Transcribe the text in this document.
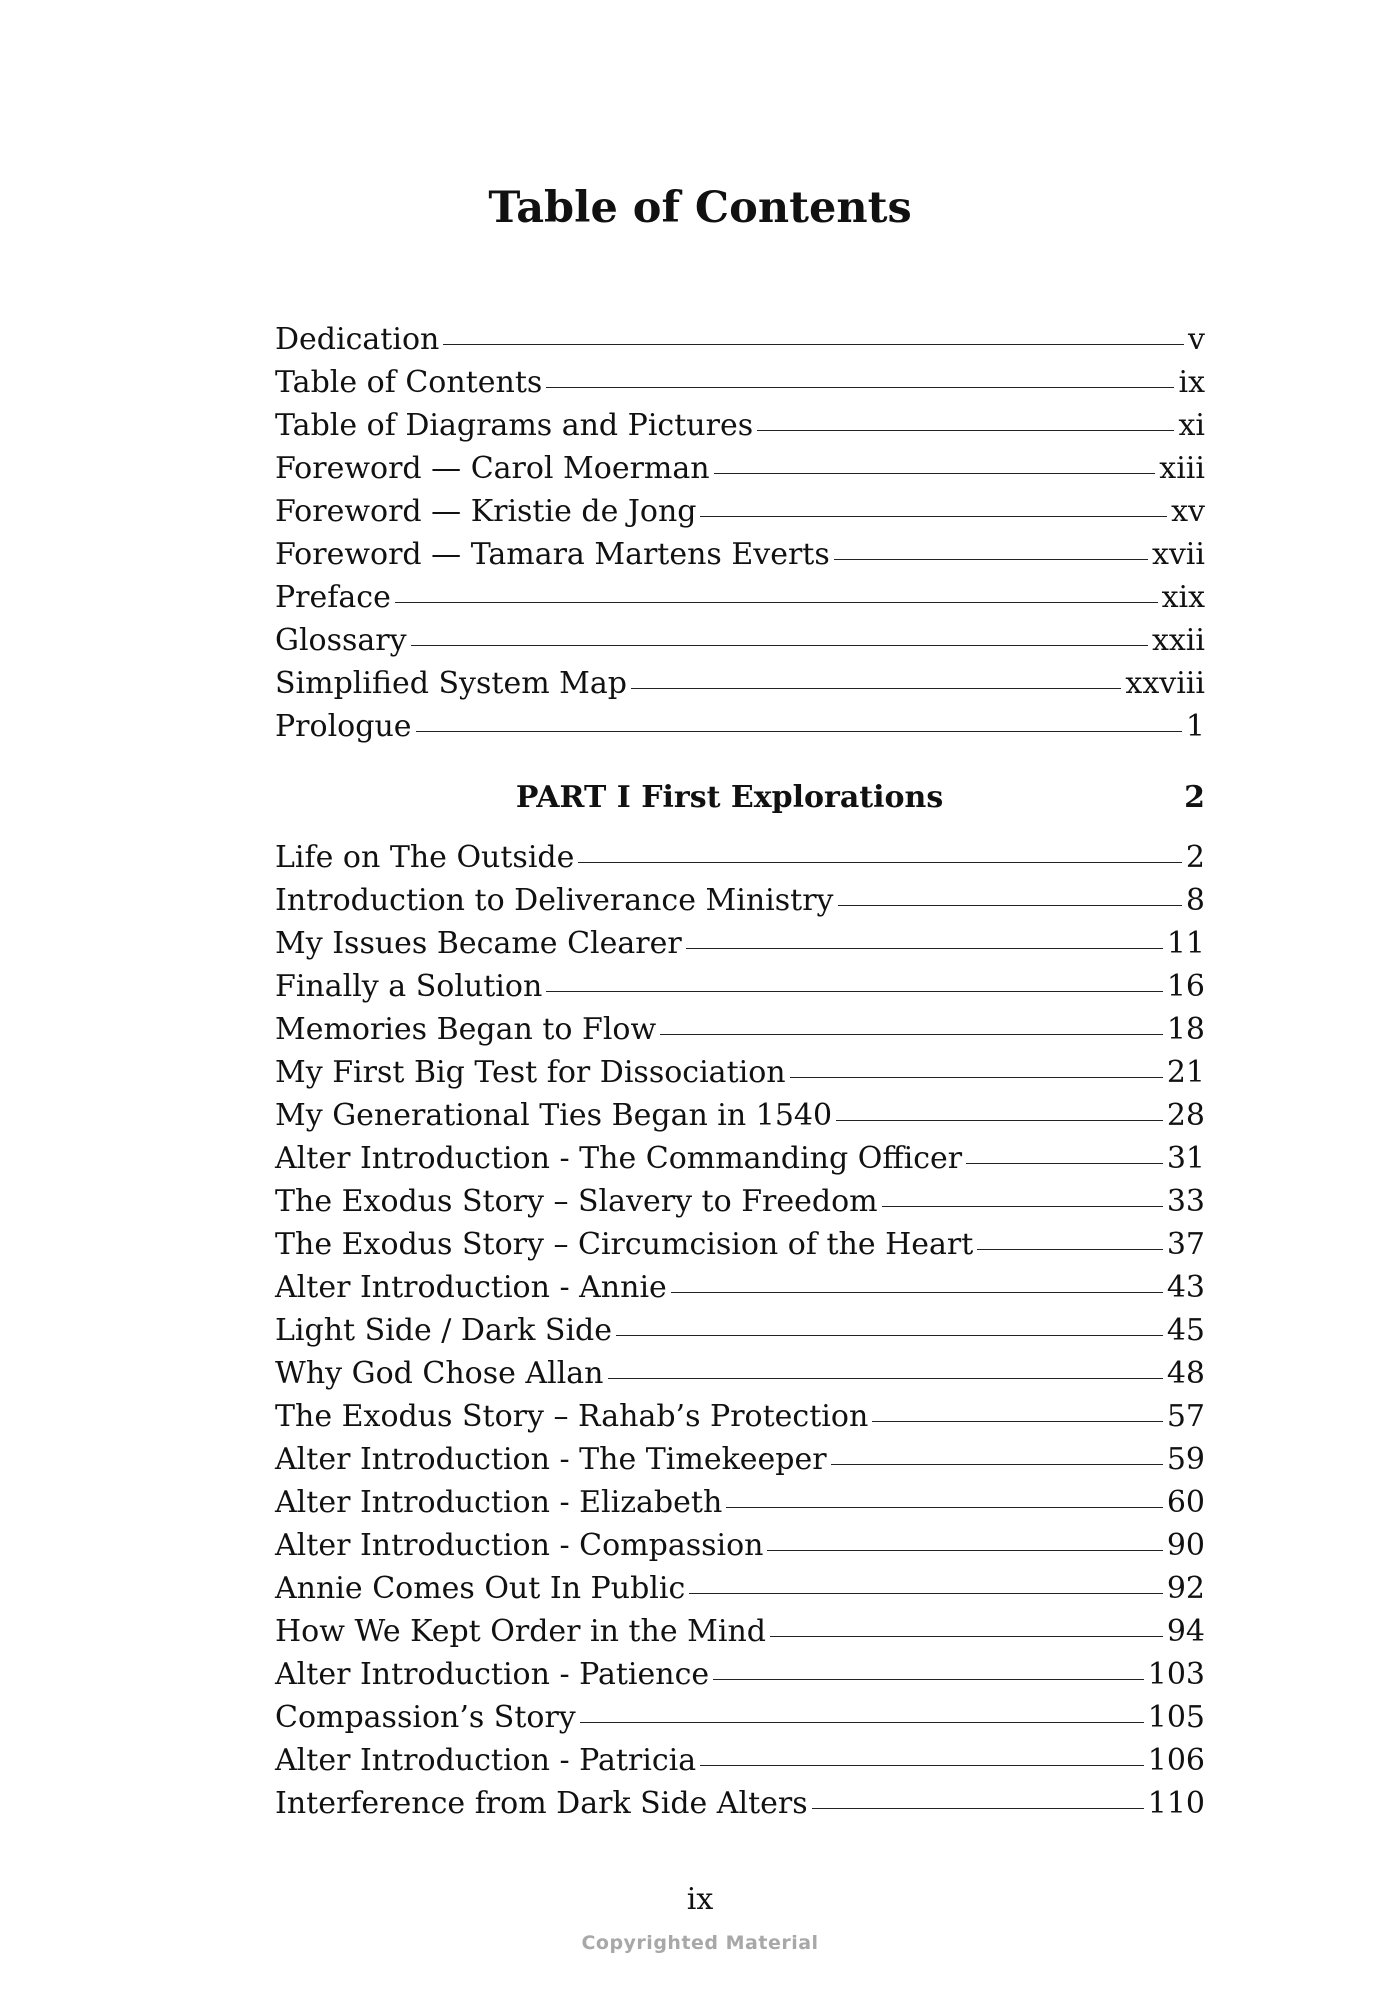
Table of Contents
Dedication	v
Table of Contents	ix
Table of Diagrams and Pictures	xi
Foreword — Carol Moerman	xiii
Foreword — Kristie de Jong	xv
Foreword — Tamara Martens Everts	xvii
Preface	xix
Glossary	xxii
Simplified System Map	xxviii
Prologue	1
PART I First Explorations	2
Life on The Outside	2
Introduction to Deliverance Ministry	8
My Issues Became Clearer	11
Finally a Solution	16
Memories Began to Flow	18
My First Big Test for Dissociation	21
My Generational Ties Began in 1540	28
Alter Introduction - The Commanding Officer	31
The Exodus Story – Slavery to Freedom	33
The Exodus Story – Circumcision of the Heart	37
Alter Introduction - Annie	43
Light Side / Dark Side	45
Why God Chose Allan	48
The Exodus Story – Rahab’s Protection	57
Alter Introduction - The Timekeeper	59
Alter Introduction - Elizabeth	60
Alter Introduction - Compassion	90
Annie Comes Out In Public	92
How We Kept Order in the Mind	94
Alter Introduction - Patience	103
Compassion’s Story	105
Alter Introduction - Patricia	106
Interference from Dark Side Alters	110
ix
Copyrighted Material
